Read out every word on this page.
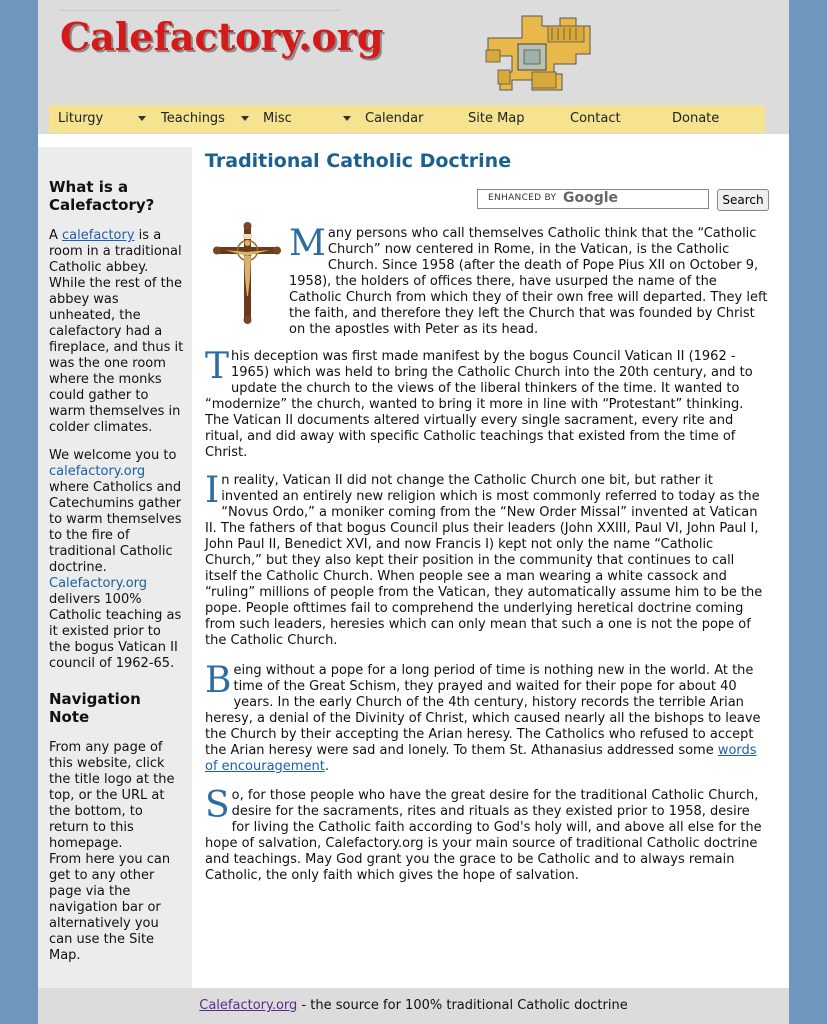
Calefactory.org
Liturgy	Teachings	Misc	Calendar	Site Map	Contact	Donate
What is a Calefactory?

A calefactory is a room in a traditional Catholic abbey. While the rest of the abbey was unheated, the calefactory had a fireplace, and thus it was the one room where the monks could gather to warm themselves in colder climates.

We welcome you to calefactory.org where Catholics and Catechumins gather to warm themselves to the fire of traditional Catholic doctrine. Calefactory.org delivers 100% Catholic teaching as it existed prior to the bogus Vatican II council of 1962-65.

Navigation Note

From any page of this website, click the title logo at the top, or the URL at the bottom, to return to this homepage.

From here you can get to any other page via the navigation bar or alternatively you can use the Site Map.

Traditional Catholic Doctrine
ENHANCED BY Google	Search

Many persons who call themselves Catholic think that the “Catholic Church” now centered in Rome, in the Vatican, is the Catholic Church. Since 1958 (after the death of Pope Pius XII on October 9, 1958), the holders of offices there, have usurped the name of the Catholic Church from which they of their own free will departed. They left the faith, and therefore they left the Church that was founded by Christ on the apostles with Peter as its head.

This deception was first made manifest by the bogus Council Vatican II (1962 - 1965) which was held to bring the Catholic Church into the 20th century, and to update the church to the views of the liberal thinkers of the time. It wanted to “modernize” the church, wanted to bring it more in line with “Protestant” thinking. The Vatican II documents altered virtually every single sacrament, every rite and ritual, and did away with specific Catholic teachings that existed from the time of Christ.

In reality, Vatican II did not change the Catholic Church one bit, but rather it invented an entirely new religion which is most commonly referred to today as the “Novus Ordo,” a moniker coming from the “New Order Missal” invented at Vatican II. The fathers of that bogus Council plus their leaders (John XXIII, Paul VI, John Paul I, John Paul II, Benedict XVI, and now Francis I) kept not only the name “Catholic Church,” but they also kept their position in the community that continues to call itself the Catholic Church. When people see a man wearing a white cassock and “ruling” millions of people from the Vatican, they automatically assume him to be the pope. People ofttimes fail to comprehend the underlying heretical doctrine coming from such leaders, heresies which can only mean that such a one is not the pope of the Catholic Church.

Being without a pope for a long period of time is nothing new in the world. At the time of the Great Schism, they prayed and waited for their pope for about 40 years. In the early Church of the 4th century, history records the terrible Arian heresy, a denial of the Divinity of Christ, which caused nearly all the bishops to leave the Church by their accepting the Arian heresy. The Catholics who refused to accept the Arian heresy were sad and lonely. To them St. Athanasius addressed some words of encouragement.

So, for those people who have the great desire for the traditional Catholic Church, desire for the sacraments, rites and rituals as they existed prior to 1958, desire for living the Catholic faith according to God's holy will, and above all else for the hope of salvation, Calefactory.org is your main source of traditional Catholic doctrine and teachings. May God grant you the grace to be Catholic and to always remain Catholic, the only faith which gives the hope of salvation.

Calefactory.org - the source for 100% traditional Catholic doctrine
